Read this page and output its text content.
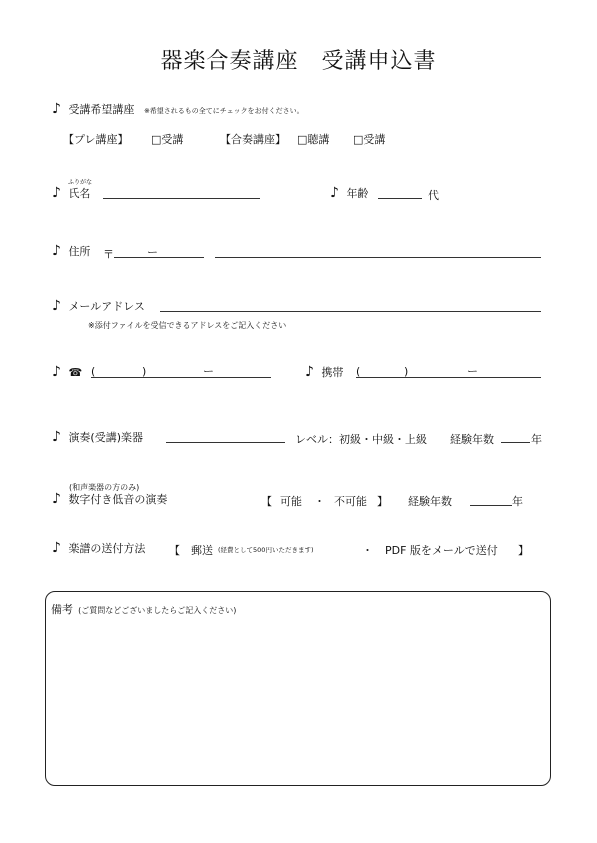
器楽合奏講座　受講申込書
♪ 受講希望講座 ※希望されるもの全てにチェックをお付ください。
【プレ講座】 □受講	【合奏講座】 □聴講 □受講
ふりがな
♪ 氏名	♪ 年齢	代
♪ 住所 〒	ー
♪ メールアドレス
※添付ファイルを受信できるアドレスをご記入ください
♪ ☎ (	)	ー	♪ 携帯 (	)	ー
♪ 演奏(受講)楽器	レベル：初級・中級・上級 経験年数	年
(和声楽器の方のみ)
♪ 数字付き低音の演奏	【 可能 ・ 不可能 】 経験年数	年
♪ 楽譜の送付方法 【 郵送 (経費として500円いただきます)	・ PDF 版をメールで送付 】
備考 (ご質問などございましたらご記入ください)
